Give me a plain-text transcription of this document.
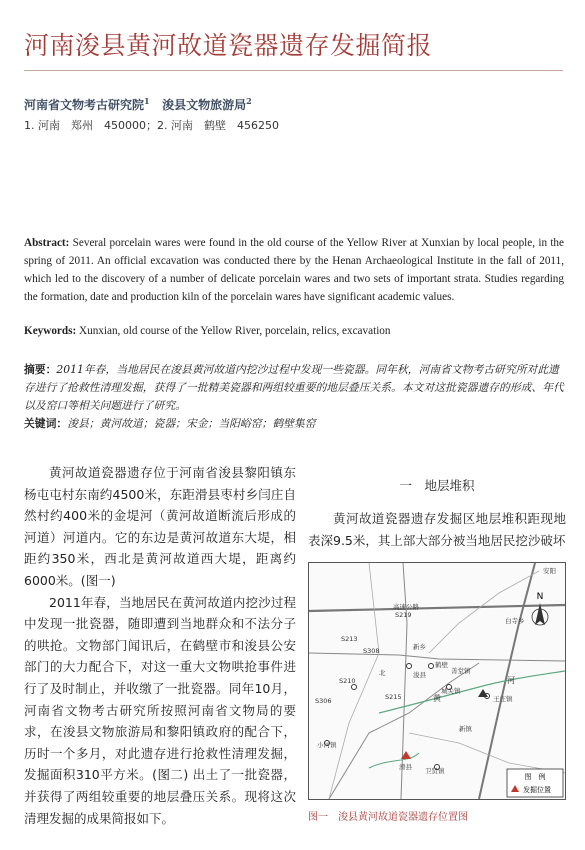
河南浚县黄河故道瓷器遗存发掘简报
河南省文物考古研究院$^1$ 浚县文物旅游局$^2$
1. 河南　郑州　450000；2. 河南　鹤壁　456250
Abstract: Several porcelain wares were found in the old course of the Yellow River at Xunxian by local people, in the spring of 2011. An official excavation was conducted there by the Henan Archaeological Institute in the fall of 2011, which led to the discovery of a number of delicate porcelain wares and two sets of important strata. Studies regarding the formation, date and production kiln of the porcelain wares have significant academic values.
Keywords: Xunxian, old course of the Yellow River, porcelain, relics, excavation
摘要：2011年春，当地居民在浚县黄河故道内挖沙过程中发现一些瓷器。同年秋，河南省文物考古研究所对此遗存进行了抢救性清理发掘，获得了一批精美瓷器和两组较重要的地层叠压关系。本文对这批瓷器遗存的形成、年代以及窑口等相关问题进行了研究。
关键词：浚县；黄河故道；瓷器；宋金；当阳峪窑；鹤壁集窑

黄河故道瓷器遗存位于河南省浚县黎阳镇东杨屯屯村东南约4500米，东距滑县枣村乡闫庄自然村约400米的金堤河（黄河故道断流后形成的河道）河道内。它的东边是黄河故道东大堤，相距约350米，西北是黄河故道西大堤，距离约6000米。(图一)

2011年春，当地居民在黄河故道内挖沙过程中发现一批瓷器，随即遭到当地群众和不法分子的哄抢。文物部门闻讯后，在鹤壁市和浚县公安部门的大力配合下，对这一重大文物哄抢事件进行了及时制止，并收缴了一批瓷器。同年10月，河南省文物考古研究所按照河南省文物局的要求，在浚县文物旅游局和黎阳镇政府的配合下，历时一个多月，对此遗存进行抢救性清理发掘，发掘面积310平方米。(图二) 出土了一批瓷器，并获得了两组较重要的地层叠压关系。现将这次清理发掘的成果简报如下。

一　地层堆积

黄河故道瓷器遗存发掘区地层堆积距现地表深9.5米，其上部大部分被当地居民挖沙破坏

N
图　例
发掘位置
高速公路
安阳
S213
S219
新乡
S308
S306
浚县
鹤壁
善堂镇
S210
城关镇
S215	王庄镇
小河镇
卫贤镇
滑县
新镇
白寺乡
北
黄
河
图一　浚县黄河故道瓷器遗存位置图
